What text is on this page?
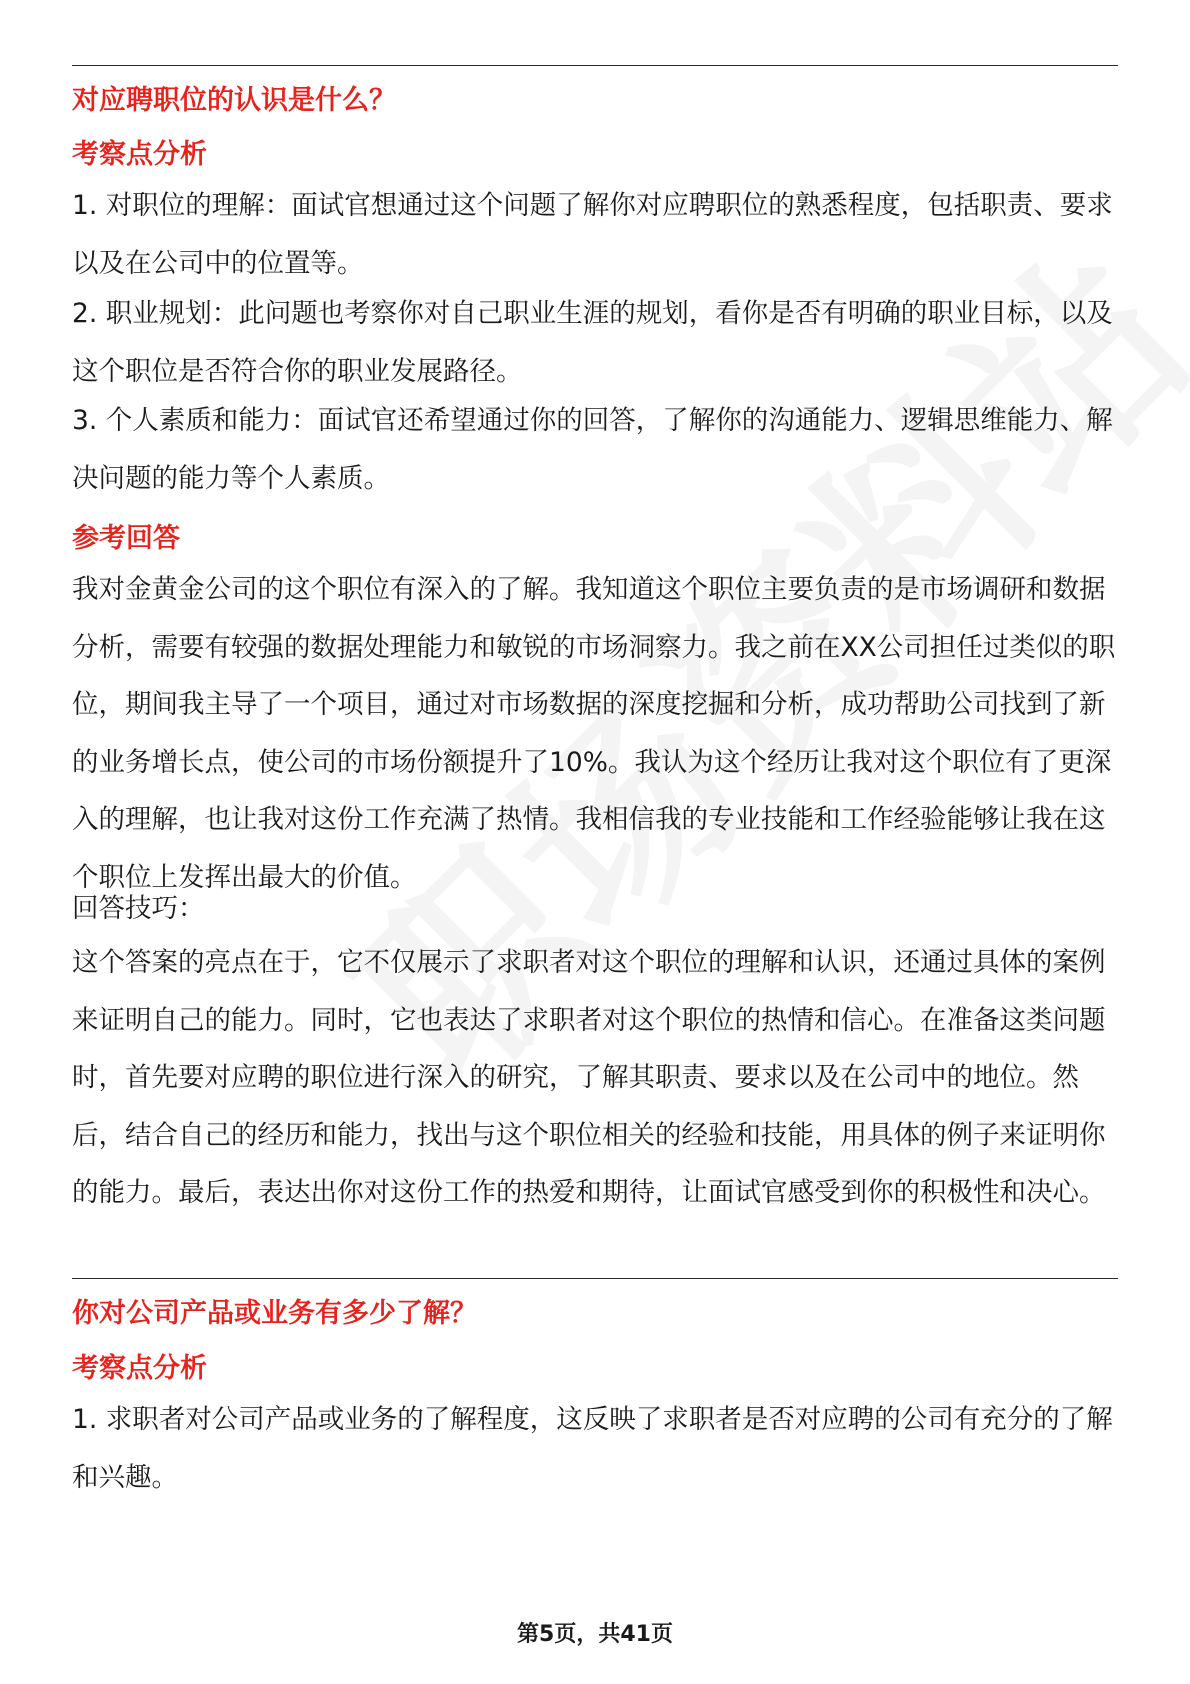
对应聘职位的认识是什么？
考察点分析

1. 对职位的理解：面试官想通过这个问题了解你对应聘职位的熟悉程度，包括职责、要求以及在公司中的位置等。

2. 职业规划：此问题也考察你对自己职业生涯的规划，看你是否有明确的职业目标，以及这个职位是否符合你的职业发展路径。

3. 个人素质和能力：面试官还希望通过你的回答，了解你的沟通能力、逻辑思维能力、解决问题的能力等个人素质。

参考回答

我对金黄金公司的这个职位有深入的了解。我知道这个职位主要负责的是市场调研和数据分析，需要有较强的数据处理能力和敏锐的市场洞察力。我之前在XX公司担任过类似的职位，期间我主导了一个项目，通过对市场数据的深度挖掘和分析，成功帮助公司找到了新的业务增长点，使公司的市场份额提升了10%。我认为这个经历让我对这个职位有了更深入的理解，也让我对这份工作充满了热情。我相信我的专业技能和工作经验能够让我在这个职位上发挥出最大的价值。

回答技巧：

这个答案的亮点在于，它不仅展示了求职者对这个职位的理解和认识，还通过具体的案例来证明自己的能力。同时，它也表达了求职者对这个职位的热情和信心。在准备这类问题时，首先要对应聘的职位进行深入的研究，了解其职责、要求以及在公司中的地位。然后，结合自己的经历和能力，找出与这个职位相关的经验和技能，用具体的例子来证明你的能力。最后，表达出你对这份工作的热爱和期待，让面试官感受到你的积极性和决心。

你对公司产品或业务有多少了解？
考察点分析

1. 求职者对公司产品或业务的了解程度，这反映了求职者是否对应聘的公司有充分的了解和兴趣。

第5页，共41页
